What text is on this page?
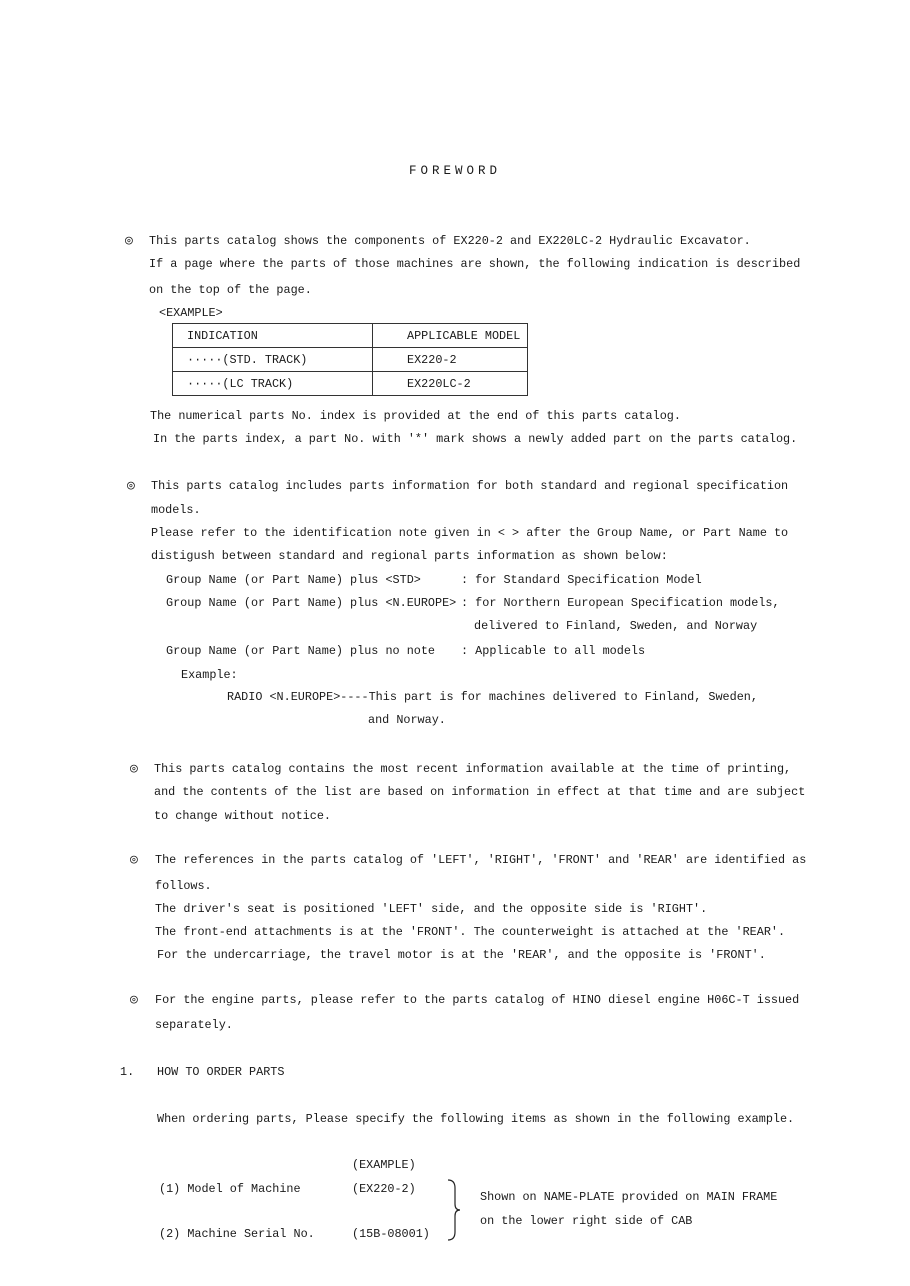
FOREWORD
INDICATION	APPLICABLE MODEL
·····(STD. TRACK)	EX220-2
·····(LC TRACK)	EX220LC-2
◎ This parts catalog shows the components of EX220-2 and EX220LC-2 Hydraulic Excavator.
If a page where the parts of those machines are shown, the following indication is described
on the top of the page.
<EXAMPLE>
The numerical parts No. index is provided at the end of this parts catalog.
In the parts index, a part No. with '*' mark shows a newly added part on the parts catalog.
◎ This parts catalog includes parts information for both standard and regional specification
models.
Please refer to the identification note given in < > after the Group Name, or Part Name to
distigush between standard and regional parts information as shown below:
Group Name (or Part Name) plus <STD>	: for Standard Specification Model
Group Name (or Part Name) plus <N.EUROPE> : for Northern European Specification models,
delivered to Finland, Sweden, and Norway
Group Name (or Part Name) plus no note : Applicable to all models
Example:
RADIO <N.EUROPE>----This part is for machines delivered to Finland, Sweden,
and Norway.
◎ This parts catalog contains the most recent information available at the time of printing,
and the contents of the list are based on information in effect at that time and are subject
to change without notice.
◎ The references in the parts catalog of 'LEFT', 'RIGHT', 'FRONT' and 'REAR' are identified as
follows.
The driver's seat is positioned 'LEFT' side, and the opposite side is 'RIGHT'.
The front-end attachments is at the 'FRONT'. The counterweight is attached at the 'REAR'.
For the undercarriage, the travel motor is at the 'REAR', and the opposite is 'FRONT'.
◎ For the engine parts, please refer to the parts catalog of HINO diesel engine H06C-T issued
separately.
1. HOW TO ORDER PARTS
When ordering parts, Please specify the following items as shown in the following example.
(EXAMPLE)
(1) Model of Machine	(EX220-2)
(2) Machine Serial No.	(15B-08001)
Shown on NAME-PLATE provided on MAIN FRAME
on the lower right side of CAB
